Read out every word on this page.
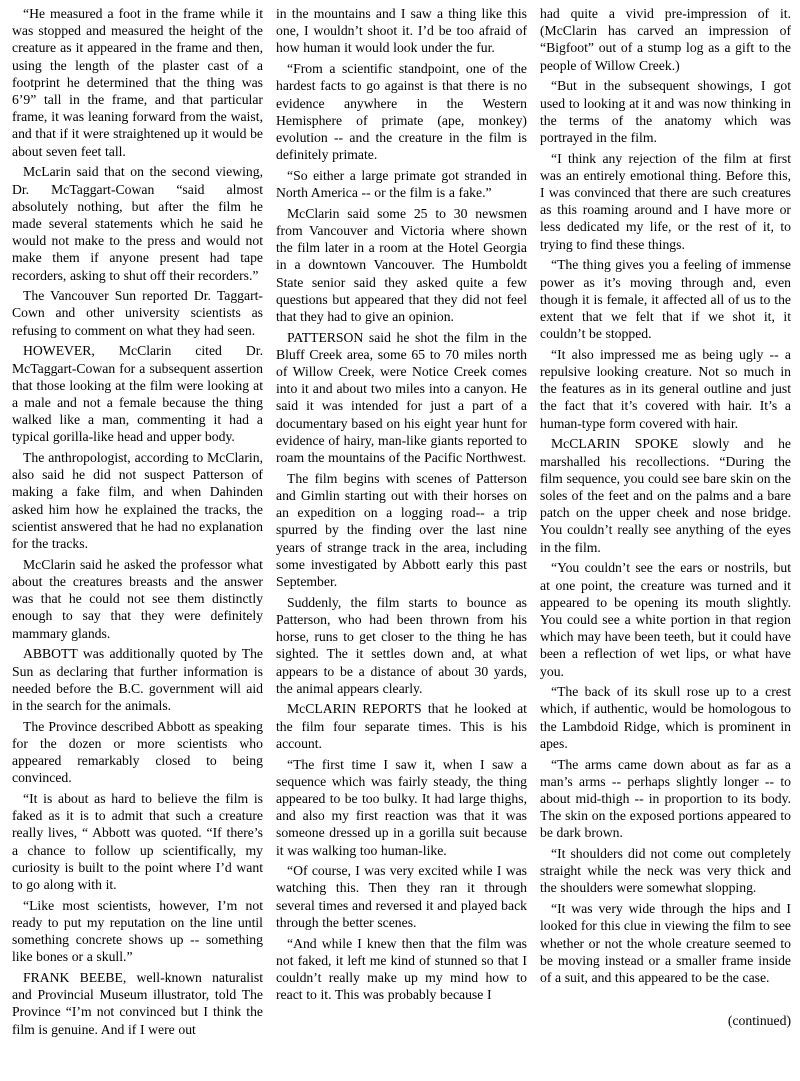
“He measured a foot in the frame while it was stopped and measured the height of the creature as it appeared in the frame and then, using the length of the plaster cast of a footprint he determined that the thing was 6’9” tall in the frame, and that particular frame, it was leaning forward from the waist, and that if it were straightened up it would be about seven feet tall.

McLarin said that on the second viewing, Dr. McTaggart-Cowan “said almost absolutely nothing, but after the film he made several statements which he said he would not make to the press and would not make them if anyone present had tape recorders, asking to shut off their recorders.”

The Vancouver Sun reported Dr. Taggart-Cown and other university scientists as refusing to comment on what they had seen.

HOWEVER, McClarin cited Dr. McTaggart-Cowan for a subsequent assertion that those looking at the film were looking at a male and not a female because the thing walked like a man, commenting it had a typical gorilla-like head and upper body.

The anthropologist, according to McClarin, also said he did not suspect Patterson of making a fake film, and when Dahinden asked him how he explained the tracks, the scientist answered that he had no explanation for the tracks.

McClarin said he asked the professor what about the creatures breasts and the answer was that he could not see them distinctly enough to say that they were definitely mammary glands.

ABBOTT was additionally quoted by The Sun as declaring that further information is needed before the B.C. government will aid in the search for the animals.

The Province described Abbott as speaking for the dozen or more scientists who appeared remarkably closed to being convinced.

“It is about as hard to believe the film is faked as it is to admit that such a creature really lives, “ Abbott was quoted. “If there’s a chance to follow up scientifically, my curiosity is built to the point where I’d want to go along with it.

“Like most scientists, however, I’m not ready to put my reputation on the line until something concrete shows up -- something like bones or a skull.”

FRANK BEEBE, well-known naturalist and Provincial Museum illustrator, told The Province “I’m not convinced but I think the film is genuine. And if I were out

in the mountains and I saw a thing like this one, I wouldn’t shoot it. I’d be too afraid of how human it would look under the fur.

“From a scientific standpoint, one of the hardest facts to go against is that there is no evidence anywhere in the Western Hemisphere of primate (ape, monkey) evolution -- and the creature in the film is definitely primate.

“So either a large primate got stranded in North America -- or the film is a fake.”

McClarin said some 25 to 30 newsmen from Vancouver and Victoria where shown the film later in a room at the Hotel Georgia in a downtown Vancouver. The Humboldt State senior said they asked quite a few questions but appeared that they did not feel that they had to give an opinion.

PATTERSON said he shot the film in the Bluff Creek area, some 65 to 70 miles north of Willow Creek, were Notice Creek comes into it and about two miles into a canyon. He said it was intended for just a part of a documentary based on his eight year hunt for evidence of hairy, man-like giants reported to roam the mountains of the Pacific Northwest.

The film begins with scenes of Patterson and Gimlin starting out with their horses on an expedition on a logging road-- a trip spurred by the finding over the last nine years of strange track in the area, including some investigated by Abbott early this past September.

Suddenly, the film starts to bounce as Patterson, who had been thrown from his horse, runs to get closer to the thing he has sighted. The it settles down and, at what appears to be a distance of about 30 yards, the animal appears clearly.

McCLARIN REPORTS that he looked at the film four separate times. This is his account.

“The first time I saw it, when I saw a sequence which was fairly steady, the thing appeared to be too bulky. It had large thighs, and also my first reaction was that it was someone dressed up in a gorilla suit because it was walking too human-like.

“Of course, I was very excited while I was watching this. Then they ran it through several times and reversed it and played back through the better scenes.

“And while I knew then that the film was not faked, it left me kind of stunned so that I couldn’t really make up my mind how to react to it. This was probably because I

had quite a vivid pre-impression of it. (McClarin has carved an impression of “Bigfoot” out of a stump log as a gift to the people of Willow Creek.)

“But in the subsequent showings, I got used to looking at it and was now thinking in the terms of the anatomy which was portrayed in the film.

“I think any rejection of the film at first was an entirely emotional thing. Before this, I was convinced that there are such creatures as this roaming around and I have more or less dedicated my life, or the rest of it, to trying to find these things.

“The thing gives you a feeling of immense power as it’s moving through and, even though it is female, it affected all of us to the extent that we felt that if we shot it, it couldn’t be stopped.

“It also impressed me as being ugly -- a repulsive looking creature. Not so much in the features as in its general outline and just the fact that it’s covered with hair. It’s a human-type form covered with hair.

McCLARIN SPOKE slowly and he marshalled his recollections. “During the film sequence, you could see bare skin on the soles of the feet and on the palms and a bare patch on the upper cheek and nose bridge. You couldn’t really see anything of the eyes in the film.

“You couldn’t see the ears or nostrils, but at one point, the creature was turned and it appeared to be opening its mouth slightly. You could see a white portion in that region which may have been teeth, but it could have been a reflection of wet lips, or what have you.

“The back of its skull rose up to a crest which, if authentic, would be homologous to the Lambdoid Ridge, which is prominent in apes.

“The arms came down about as far as a man’s arms -- perhaps slightly longer -- to about mid-thigh -- in proportion to its body. The skin on the exposed portions appeared to be dark brown.

“It shoulders did not come out completely straight while the neck was very thick and the shoulders were somewhat slopping.

“It was very wide through the hips and I looked for this clue in viewing the film to see whether or not the whole creature seemed to be moving instead or a smaller frame inside of a suit, and this appeared to be the case.

(continued)
